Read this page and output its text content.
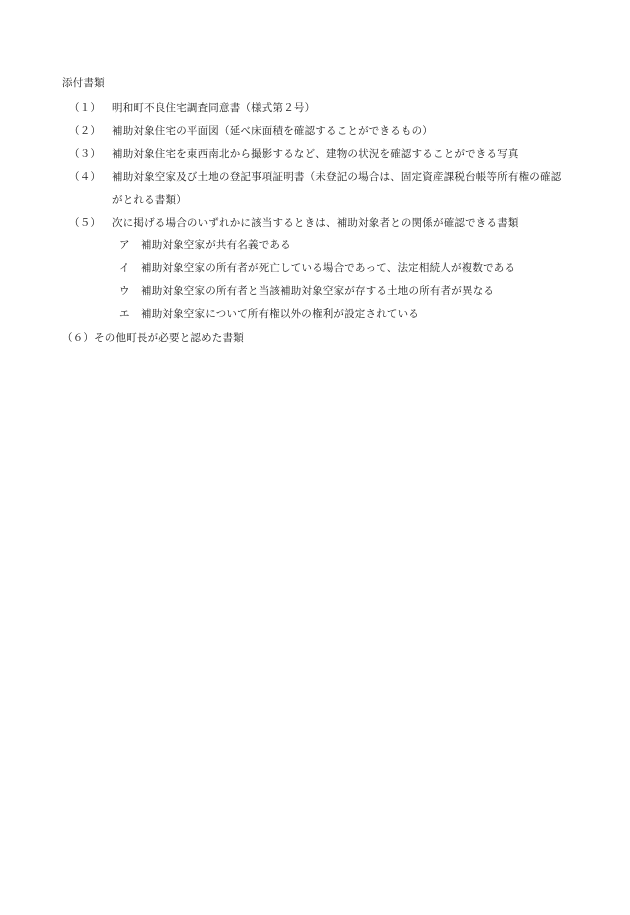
添付書類
（１） 明和町不良住宅調査同意書（様式第２号）
（２） 補助対象住宅の平面図（延べ床面積を確認することができるもの）
（３） 補助対象住宅を東西南北から撮影するなど、建物の状況を確認することができる写真
（４） 補助対象空家及び土地の登記事項証明書（未登記の場合は、固定資産課税台帳等所有権の確認
がとれる書類）
（５） 次に掲げる場合のいずれかに該当するときは、補助対象者との関係が確認できる書類
ア 補助対象空家が共有名義である
イ 補助対象空家の所有者が死亡している場合であって、法定相続人が複数である
ウ 補助対象空家の所有者と当該補助対象空家が存する土地の所有者が異なる
エ 補助対象空家について所有権以外の権利が設定されている
（６）その他町長が必要と認めた書類
